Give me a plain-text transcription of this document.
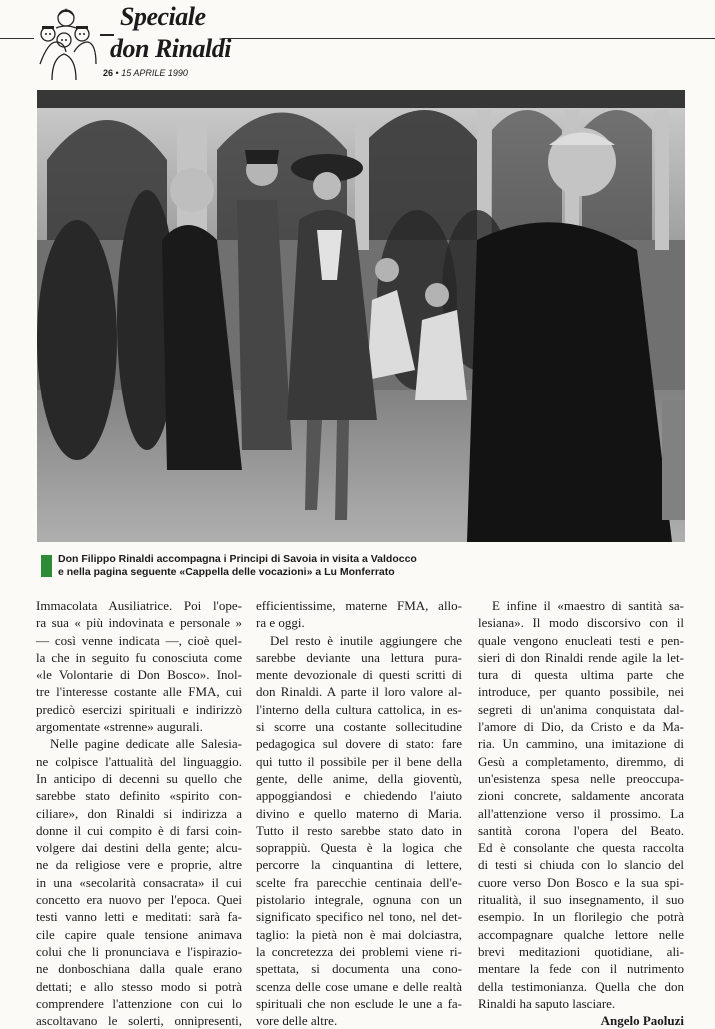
Speciale
don Rinaldi
26 • 15 APRILE 1990
Don Filippo Rinaldi accompagna i Principi di Savoia in visita a Valdocco
e nella pagina seguente «Cappella delle vocazioni» a Lu Monferrato
Immacolata Ausiliatrice. Poi l'ope-
ra sua « più indovinata e personale »
— così venne indicata —, cioè quel-
la che in seguito fu conosciuta come
«le Volontarie di Don Bosco». Inol-
tre l'interesse costante alle FMA, cui
predicò esercizi spirituali e indirizzò
argomentate «strenne» augurali.
Nelle pagine dedicate alle Salesia-
ne colpisce l'attualità del linguaggio.
In anticipo di decenni su quello che
sarebbe stato definito «spirito con-
ciliare», don Rinaldi si indirizza a
donne il cui compito è di farsi coin-
volgere dai destini della gente; alcu-
ne da religiose vere e proprie, altre
in una «secolarità consacrata» il cui
concetto era nuovo per l'epoca. Quei
testi vanno letti e meditati: sarà fa-
cile capire quale tensione animava
colui che li pronunciava e l'ispirazio-
ne donboschiana dalla quale erano
dettati; e allo stesso modo si potrà
comprendere l'attenzione con cui lo
ascoltavano le solerti, onnipresenti,
efficientissime, materne FMA, allo-
ra e oggi.
Del resto è inutile aggiungere che
sarebbe deviante una lettura pura-
mente devozionale di questi scritti di
don Rinaldi. A parte il loro valore al-
l'interno della cultura cattolica, in es-
si scorre una costante sollecitudine
pedagogica sul dovere di stato: fare
qui tutto il possibile per il bene della
gente, delle anime, della gioventù,
appoggiandosi e chiedendo l'aiuto
divino e quello materno di Maria.
Tutto il resto sarebbe stato dato in
soprappiù. Questa è la logica che
percorre la cinquantina di lettere,
scelte fra parecchie centinaia dell'e-
pistolario integrale, ognuna con un
significato specifico nel tono, nel det-
taglio: la pietà non è mai dolciastra,
la concretezza dei problemi viene ri-
spettata, si documenta una cono-
scenza delle cose umane e delle realtà
spirituali che non esclude le une a fa-
vore delle altre.
E infine il «maestro di santità sa-
lesiana». Il modo discorsivo con il
quale vengono enucleati testi e pen-
sieri di don Rinaldi rende agile la let-
tura di questa ultima parte che
introduce, per quanto possibile, nei
segreti di un'anima conquistata dal-
l'amore di Dio, da Cristo e da Ma-
ria. Un cammino, una imitazione di
Gesù a completamento, diremmo, di
un'esistenza spesa nelle preoccupa-
zioni concrete, saldamente ancorata
all'attenzione verso il prossimo. La
santità corona l'opera del Beato.
Ed è consolante che questa raccolta
di testi si chiuda con lo slancio del
cuore verso Don Bosco e la sua spi-
ritualità, il suo insegnamento, il suo
esempio. In un florilegio che potrà
accompagnare qualche lettore nelle
brevi meditazioni quotidiane, ali-
mentare la fede con il nutrimento
della testimonianza. Quella che don
Rinaldi ha saputo lasciare.
Angelo Paoluzi
